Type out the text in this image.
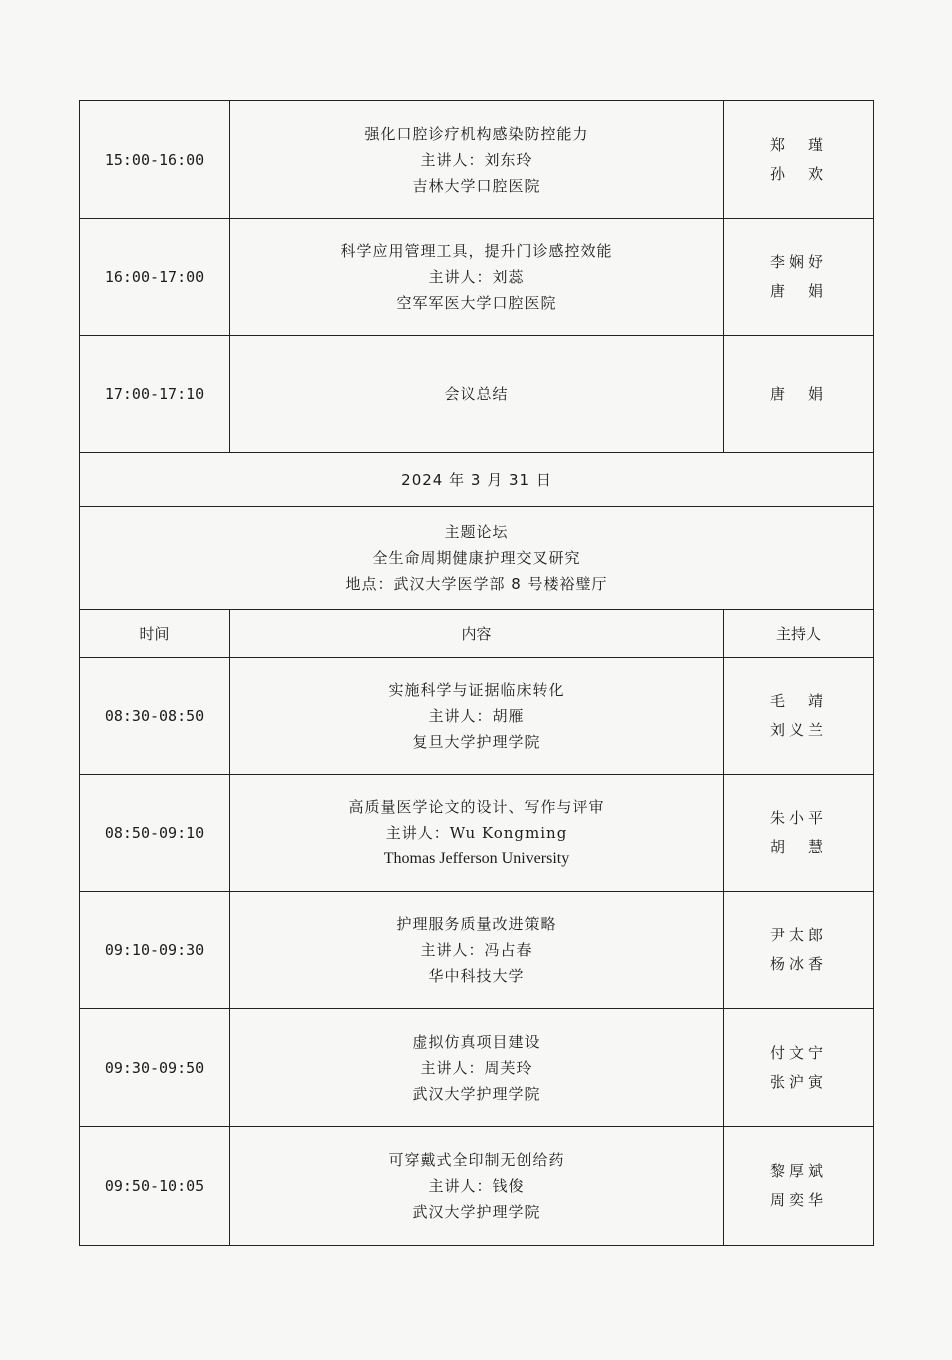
15:00-16:00	强化口腔诊疗机构感染防控能力
主讲人：刘东玲
吉林大学口腔医院	郑　瑾
孙　欢

16:00-17:00	科学应用管理工具，提升门诊感控效能
主讲人：刘蕊
空军军医大学口腔医院	李娴妤
唐　娟

17:00-17:10	会议总结	唐　娟

2024 年 3 月 31 日		

主题论坛
全生命周期健康护理交叉研究
地点：武汉大学医学部 8 号楼裕璧厅		

时间	内容	主持人
08:30-08:50	实施科学与证据临床转化
主讲人：胡雁
复旦大学护理学院	毛　靖
刘义兰

08:50-09:10	高质量医学论文的设计、写作与评审
主讲人：Wu Kongming
Thomas Jefferson University	朱小平
胡　慧

09:10-09:30	护理服务质量改进策略
主讲人：冯占春
华中科技大学	尹太郎
杨冰香

09:30-09:50	虚拟仿真项目建设
主讲人：周芙玲
武汉大学护理学院	付文宁
张沪寅

09:50-10:05	可穿戴式全印制无创给药
主讲人：钱俊
武汉大学护理学院	黎厚斌
周奕华
